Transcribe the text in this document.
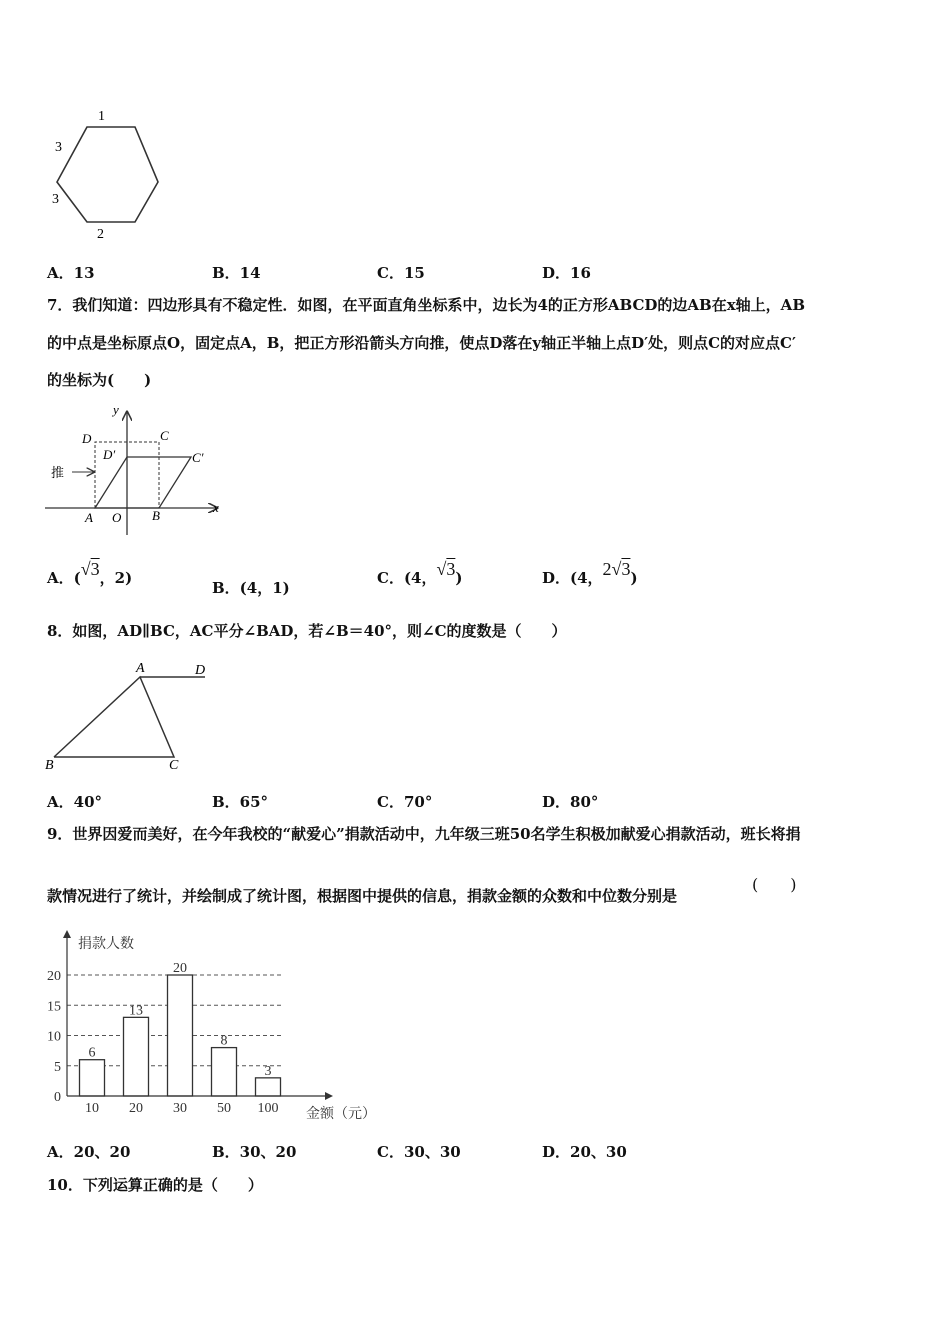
1
3
3
2
A．13	B．14	C．15	D．16
7．我们知道：四边形具有不稳定性．如图，在平面直角坐标系中，边长为4的正方形ABCD的边AB在x轴上，AB
的中点是坐标原点O，固定点A，B，把正方形沿箭头方向推，使点D落在y轴正半轴上点D′处，则点C的对应点C′
的坐标为(　　)
推
y
x
D	C
D′	C′
A O B
A．(√3，2)
B．(4，1)
C．(4，√3)	D．(4，2√3)
8．如图，AD∥BC，AC平分∠BAD，若∠B＝40°，则∠C的度数是（　　）
A	D
B	C
A．40°	B．65°	C．70°	D．80°
9．世界因爱而美好，在今年我校的“献爱心”捐款活动中，九年级三班50名学生积极加献爱心捐款活动，班长将捐
款情况进行了统计，并绘制成了统计图，根据图中提供的信息，捐款金额的众数和中位数分别是
(　　)
捐款人数
金额（元）
0
5
10
15
20
10 20 30 50 100
6
13
20
8
3
A．20、20	B．30、20	C．30、30	D．20、30
10．下列运算正确的是（　　）
